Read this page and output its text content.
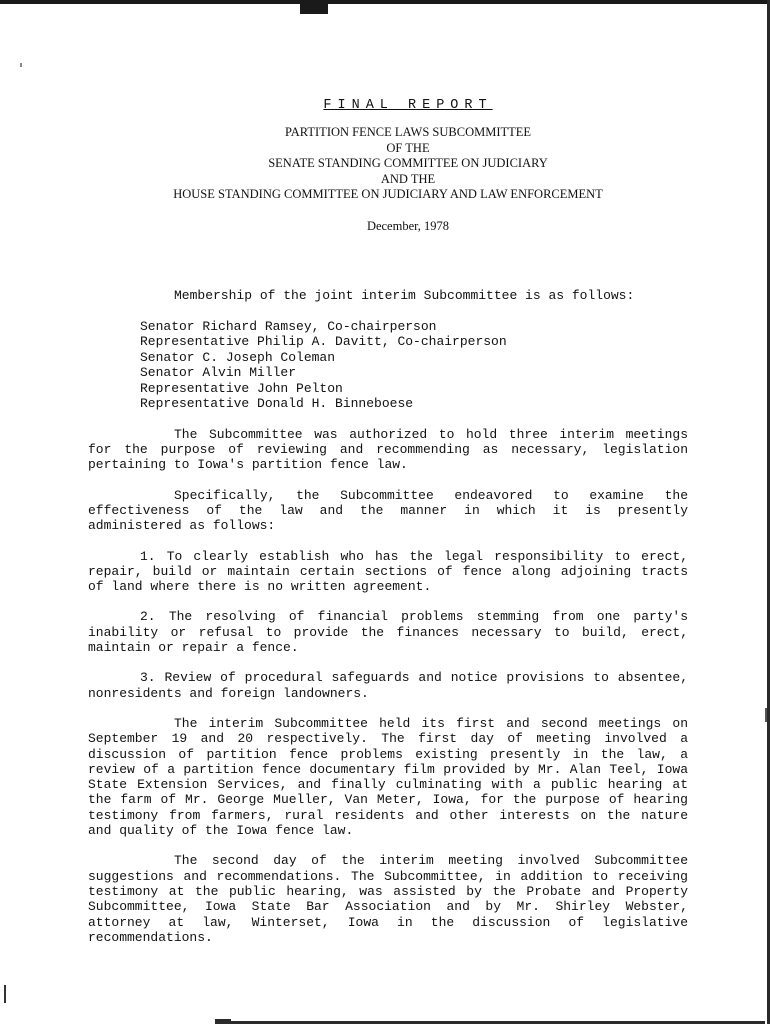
FINAL REPORT
PARTITION FENCE LAWS SUBCOMMITTEE
OF THE
SENATE STANDING COMMITTEE ON JUDICIARY
AND THE
HOUSE STANDING COMMITTEE ON JUDICIARY AND LAW ENFORCEMENT
December, 1978

Membership of the joint interim Subcommittee is as follows:

Senator Richard Ramsey, Co-chairperson
Representative Philip A. Davitt, Co-chairperson
Senator C. Joseph Coleman
Senator Alvin Miller
Representative John Pelton
Representative Donald H. Binneboese

The Subcommittee was authorized to hold three interim meetings for the purpose of reviewing and recommending as necessary, legislation pertaining to Iowa's partition fence law.

Specifically, the Subcommittee endeavored to examine the effectiveness of the law and the manner in which it is presently administered as follows:

1. To clearly establish who has the legal responsibility to erect, repair, build or maintain certain sections of fence along adjoining tracts of land where there is no written agreement.

2. The resolving of financial problems stemming from one party's inability or refusal to provide the finances necessary to build, erect, maintain or repair a fence.

3. Review of procedural safeguards and notice provisions to absentee, nonresidents and foreign landowners.

The interim Subcommittee held its first and second meetings on September 19 and 20 respectively. The first day of meeting involved a discussion of partition fence problems existing presently in the law, a review of a partition fence documentary film provided by Mr. Alan Teel, Iowa State Extension Services, and finally culminating with a public hearing at the farm of Mr. George Mueller, Van Meter, Iowa, for the purpose of hearing testimony from farmers, rural residents and other interests on the nature and quality of the Iowa fence law.

The second day of the interim meeting involved Subcommittee suggestions and recommendations. The Subcommittee, in addition to receiving testimony at the public hearing, was assisted by the Probate and Property Subcommittee, Iowa State Bar Association and by Mr. Shirley Webster, attorney at law, Winterset, Iowa in the discussion of legislative recommendations.
